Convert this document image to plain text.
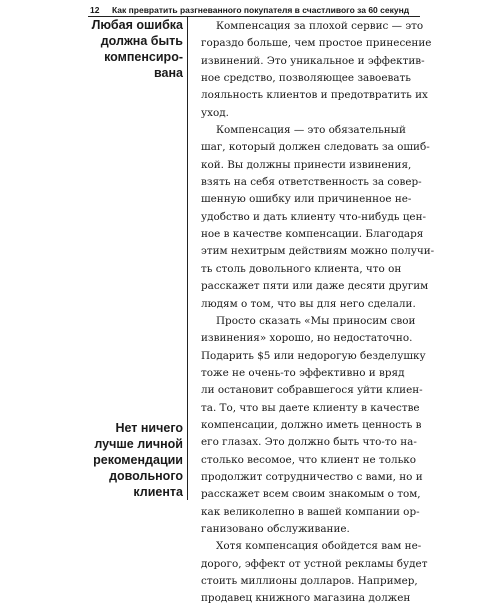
12 Как превратить разгневанного покупателя в счастливого за 60 секунд
Любая ошибка
должна быть
компенсиро-
вана
Нет ничего
лучше личной
рекомендации
довольного
клиента
Компенсация за плохой сервис — это
гораздо больше, чем простое принесение
извинений. Это уникальное и эффектив-
ное средство, позволяющее завоевать
лояльность клиентов и предотвратить их
уход.
Компенсация — это обязательный
шаг, который должен следовать за ошиб-
кой. Вы должны принести извинения,
взять на себя ответственность за совер-
шенную ошибку или причиненное не-
удобство и дать клиенту что-нибудь цен-
ное в качестве компенсации. Благодаря
этим нехитрым действиям можно получи-
ть столь довольного клиента, что он
расскажет пяти или даже десяти другим
людям о том, что вы для него сделали.
Просто сказать «Мы приносим свои
извинения» хорошо, но недостаточно.
Подарить $5 или недорогую безделушку
тоже не очень-то эффективно и вряд
ли остановит собравшегося уйти клиен-
та. То, что вы даете клиенту в качестве
компенсации, должно иметь ценность в
его глазах. Это должно быть что-то на-
столько весомое, что клиент не только
продолжит сотрудничество с вами, но и
расскажет всем своим знакомым о том,
как великолепно в вашей компании ор-
ганизовано обслуживание.
Хотя компенсация обойдется вам не-
дорого, эффект от устной рекламы будет
стоить миллионы долларов. Например,
продавец книжного магазина должен
